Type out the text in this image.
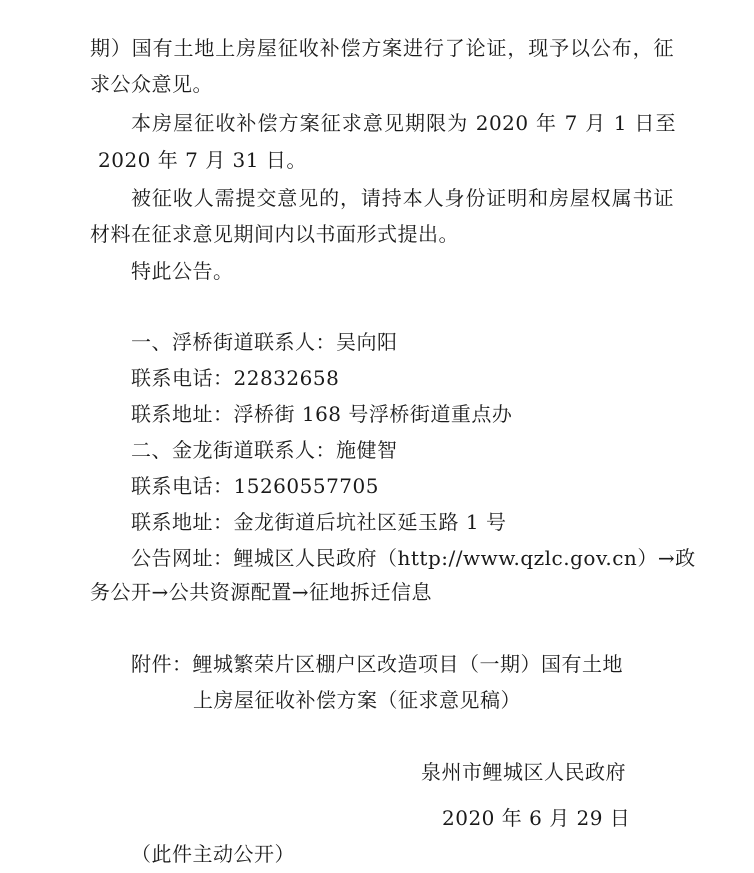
期）国有土地上房屋征收补偿方案进行了论证，现予以公布，征
求公众意见。
本房屋征收补偿方案征求意见期限为 2020 年 7 月 1 日至
2020 年 7 月 31 日。
被征收人需提交意见的，请持本人身份证明和房屋权属书证
材料在征求意见期间内以书面形式提出。
特此公告。
一、浮桥街道联系人：吴向阳
联系电话：22832658
联系地址：浮桥街 168 号浮桥街道重点办
二、金龙街道联系人：施健智
联系电话：15260557705
联系地址：金龙街道后坑社区延玉路 1 号
公告网址：鲤城区人民政府（http://www.qzlc.gov.cn）→政
务公开→公共资源配置→征地拆迁信息
附件：鲤城繁荣片区棚户区改造项目（一期）国有土地
上房屋征收补偿方案（征求意见稿）
泉州市鲤城区人民政府
2020 年 6 月 29 日
（此件主动公开）
